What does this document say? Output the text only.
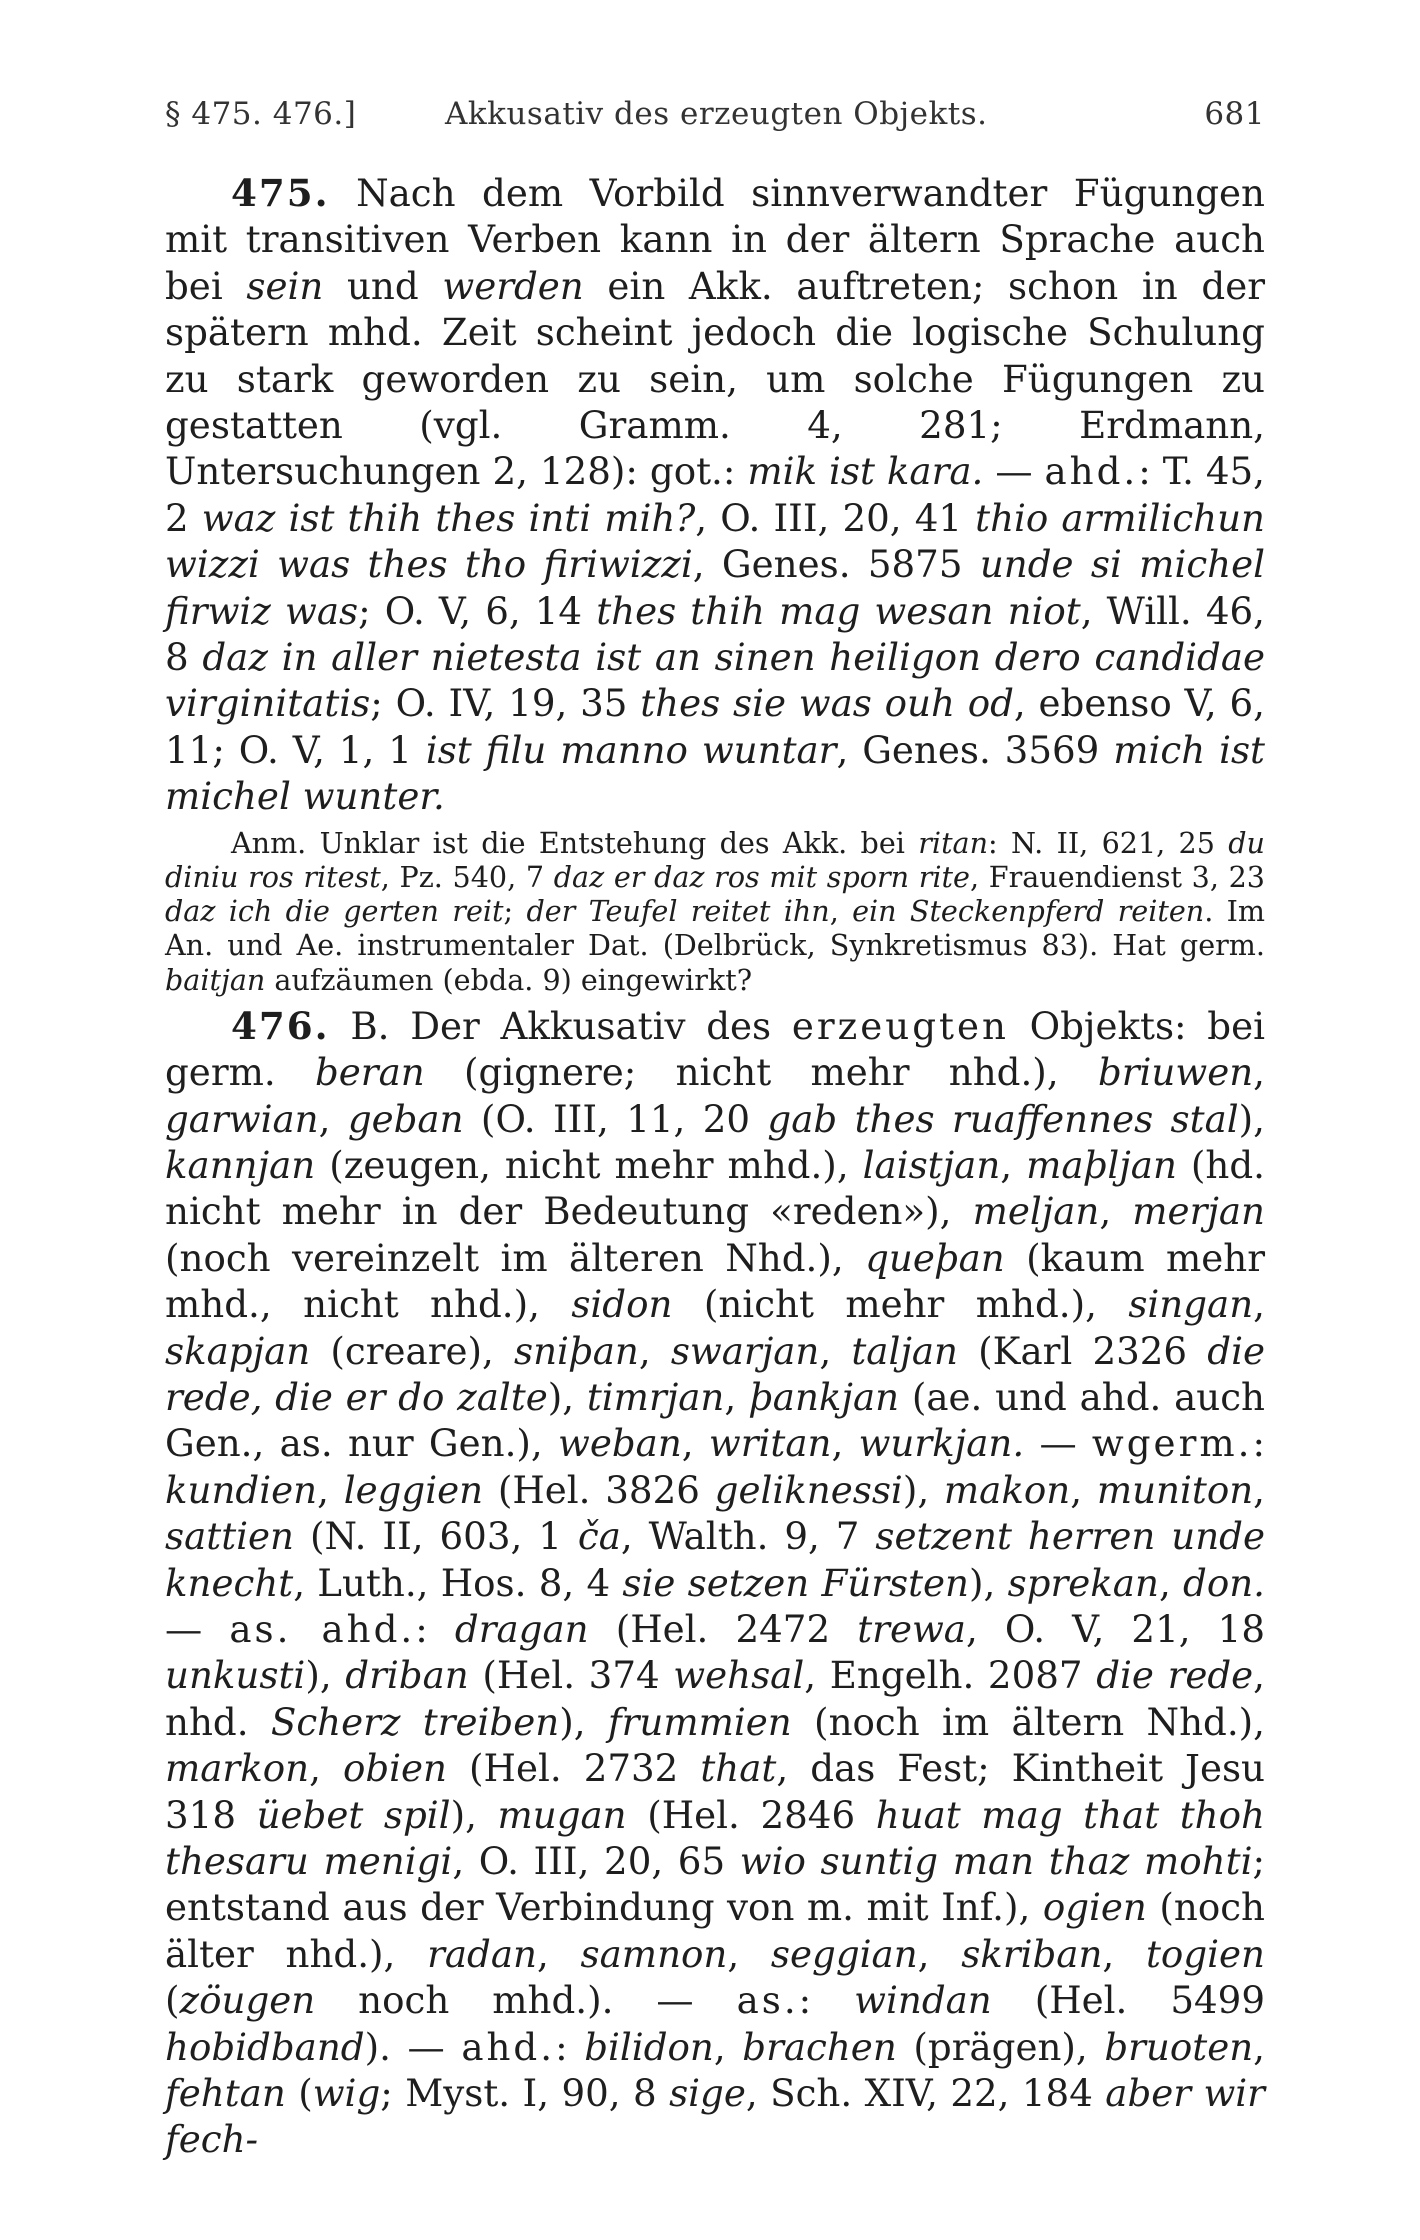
§ 475. 476.]	Akkusativ des erzeugten Objekts.	681

475. Nach dem Vorbild sinnverwandter Fügungen mit transitiven Verben kann in der ältern Sprache auch bei sein und werden ein Akk. auftreten; schon in der spätern mhd. Zeit scheint jedoch die logische Schulung zu stark geworden zu sein, um solche Fügungen zu gestatten (vgl. Gramm. 4, 281; Erdmann, Untersuchungen 2, 128): got.: mik ist kara. — ahd.: T. 45, 2 waz ist thih thes inti mih?, O. III, 20, 41 thio armilichun wizzi was thes tho firiwizzi, Genes. 5875 unde si michel firwiz was; O. V, 6, 14 thes thih mag wesan niot, Will. 46, 8 daz in aller nietesta ist an sinen heiligon dero candidae virginitatis; O. IV, 19, 35 thes sie was ouh od, ebenso V, 6, 11; O. V, 1, 1 ist filu manno wuntar, Genes. 3569 mich ist michel wunter.

Anm. Unklar ist die Entstehung des Akk. bei ritan: N. II, 621, 25 du diniu ros ritest, Pz. 540, 7 daz er daz ros mit sporn rite, Frauendienst 3, 23 daz ich die gerten reit; der Teufel reitet ihn, ein Steckenpferd reiten. Im An. und Ae. instrumentaler Dat. (Delbrück, Synkretismus 83). Hat germ. baitjan aufzäumen (ebda. 9) eingewirkt?

476. B. Der Akkusativ des erzeugten Objekts: bei germ. beran (gignere; nicht mehr nhd.), briuwen, garwian, geban (O. III, 11, 20 gab thes ruaffennes stal), kannjan (zeugen, nicht mehr mhd.), laistjan, maþljan (hd. nicht mehr in der Bedeutung «reden»), meljan, merjan (noch vereinzelt im älteren Nhd.), queþan (kaum mehr mhd., nicht nhd.), sidon (nicht mehr mhd.), singan, skapjan (creare), sniþan, swarjan, taljan (Karl 2326 die rede, die er do zalte), timrjan, þankjan (ae. und ahd. auch Gen., as. nur Gen.), weban, writan, wurkjan. — wgerm.: kundien, leggien (Hel. 3826 geliknessi), makon, muniton, sattien (N. II, 603, 1 ča, Walth. 9, 7 setzent herren unde knecht, Luth., Hos. 8, 4 sie setzen Fürsten), sprekan, don. — as. ahd.: dragan (Hel. 2472 trewa, O. V, 21, 18 unkusti), driban (Hel. 374 wehsal, Engelh. 2087 die rede, nhd. Scherz treiben), frummien (noch im ältern Nhd.), markon, obien (Hel. 2732 that, das Fest; Kintheit Jesu 318 üebet spil), mugan (Hel. 2846 huat mag that thoh thesaru menigi, O. III, 20, 65 wio suntig man thaz mohti; entstand aus der Verbindung von m. mit Inf.), ogien (noch älter nhd.), radan, samnon, seggian, skriban, togien (zöugen noch mhd.). — as.: windan (Hel. 5499 hobidband). — ahd.: bilidon, brachen (prägen), bruoten, fehtan (wig; Myst. I, 90, 8 sige, Sch. XIV, 22, 184 aber wir fech-
